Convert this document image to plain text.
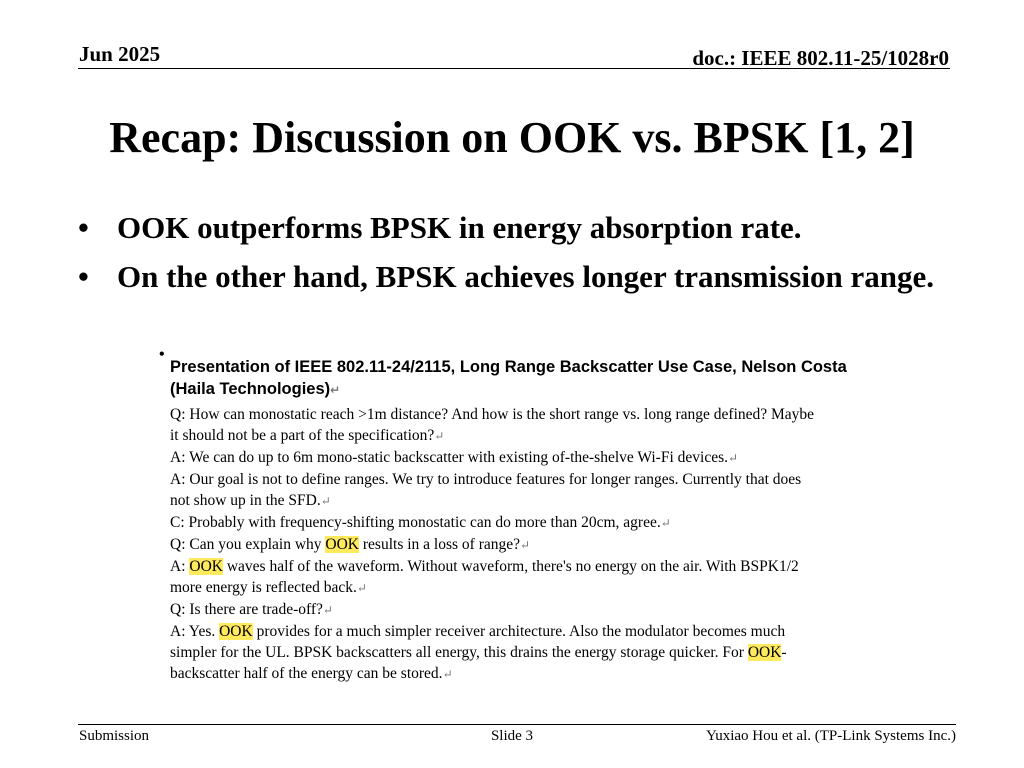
Jun 2025	doc.: IEEE 802.11-25/1028r0
Recap: Discussion on OOK vs. BPSK [1, 2]
• OOK outperforms BPSK in energy absorption rate.
• On the other hand, BPSK achieves longer transmission range.
•
Presentation of IEEE 802.11-24/2115, Long Range Backscatter Use Case, Nelson Costa
(Haila Technologies)↵
Q: How can monostatic reach >1m distance? And how is the short range vs. long range defined? Maybe
it should not be a part of the specification?↵
A: We can do up to 6m mono-static backscatter with existing of-the-shelve Wi-Fi devices.↵
A: Our goal is not to define ranges. We try to introduce features for longer ranges. Currently that does
not show up in the SFD.↵
C: Probably with frequency-shifting monostatic can do more than 20cm, agree.↵
Q: Can you explain why OOK results in a loss of range?↵
A: OOK waves half of the waveform. Without waveform, there's no energy on the air. With BSPK1/2
more energy is reflected back.↵
Q: Is there are trade-off?↵
A: Yes. OOK provides for a much simpler receiver architecture. Also the modulator becomes much
simpler for the UL. BPSK backscatters all energy, this drains the energy storage quicker. For OOK-
backscatter half of the energy can be stored.↵
Submission	Slide 3	Yuxiao Hou et al. (TP-Link Systems Inc.)
